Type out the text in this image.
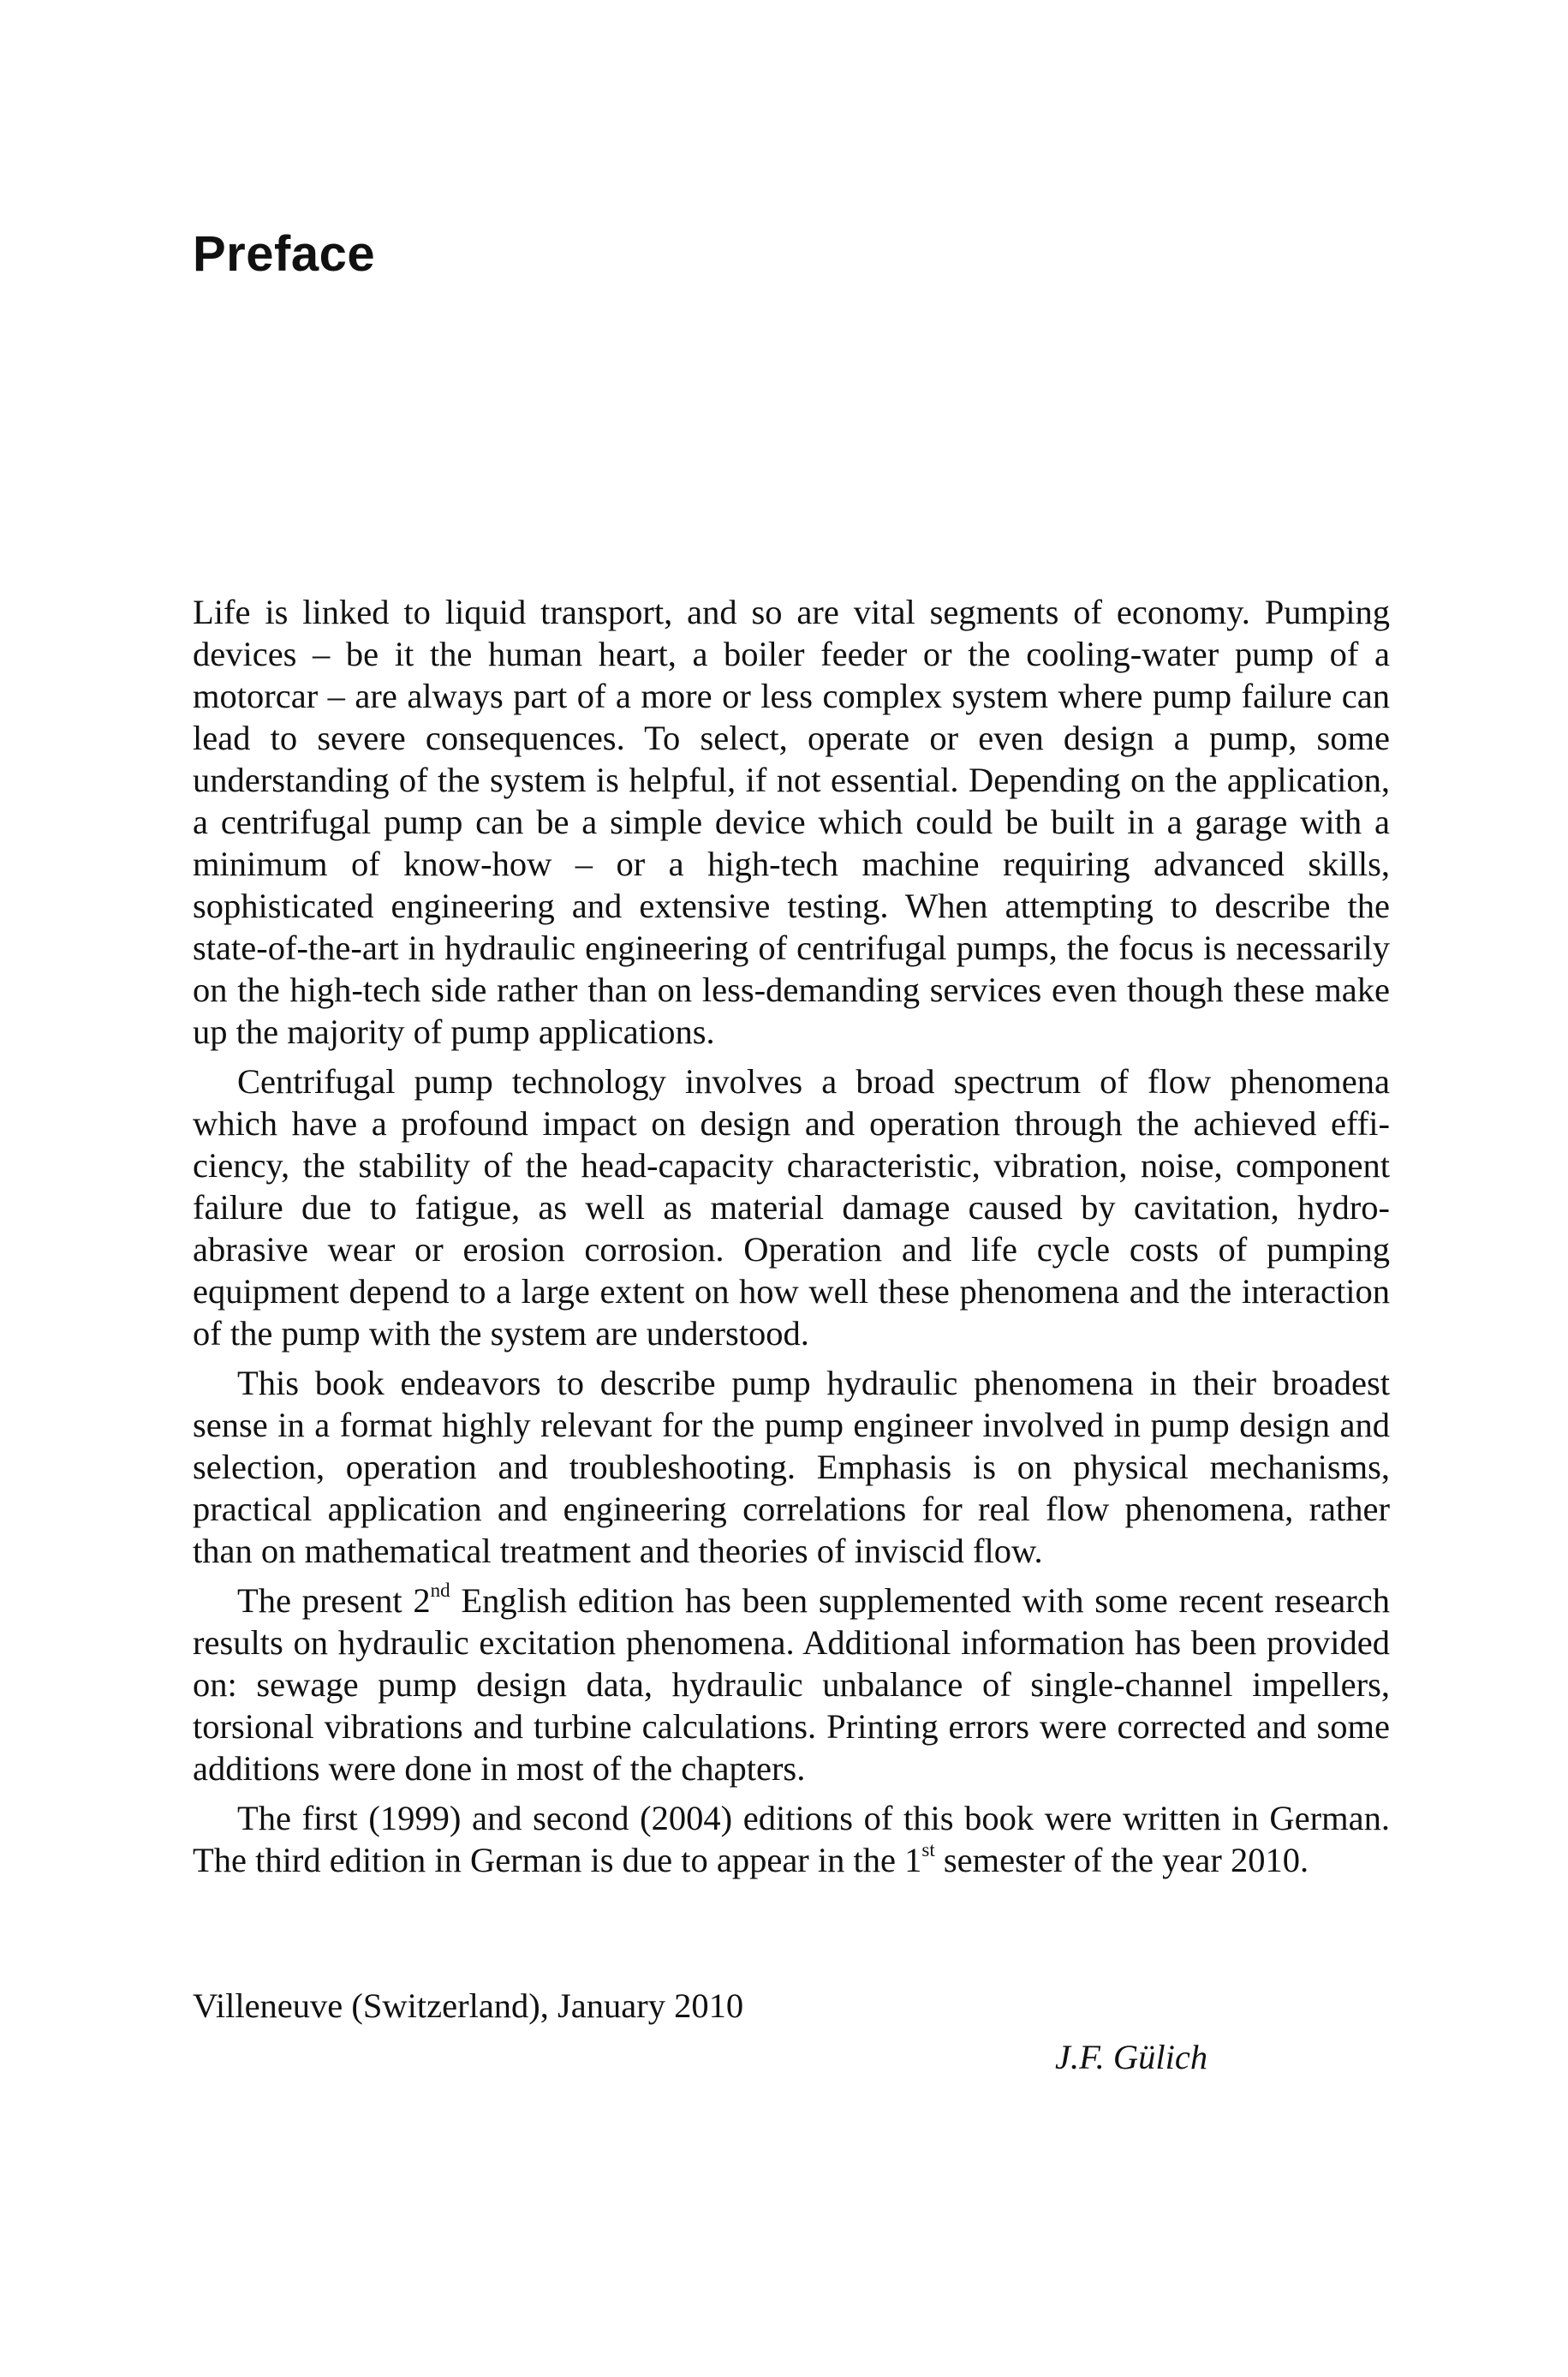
Preface

Life is linked to liquid transport, and so are vital segments of economy. Pumping devices – be it the human heart, a boiler feeder or the cooling-water pump of a motorcar – are always part of a more or less complex system where pump failure can lead to severe consequences. To select, operate or even design a pump, some understanding of the system is helpful, if not essential. Depending on the application, a centrifugal pump can be a simple device which could be built in a garage with a minimum of know-how – or a high-tech machine requiring advanced skills, sophisticated engineering and extensive testing. When attempting to describe the state-of-the-art in hydraulic engineering of centrifugal pumps, the focus is necessarily on the high-tech side rather than on less-demanding services even though these make up the majority of pump applications.

Centrifugal pump technology involves a broad spectrum of flow phenomena which have a profound impact on design and operation through the achieved efficiency, the stability of the head-capacity characteristic, vibration, noise, component failure due to fatigue, as well as material damage caused by cavitation, hydro-abrasive wear or erosion corrosion. Operation and life cycle costs of pumping equipment depend to a large extent on how well these phenomena and the interaction of the pump with the system are understood.

This book endeavors to describe pump hydraulic phenomena in their broadest sense in a format highly relevant for the pump engineer involved in pump design and selection, operation and troubleshooting. Emphasis is on physical mechanisms, practical application and engineering correlations for real flow phenomena, rather than on mathematical treatment and theories of inviscid flow.

The present 2nd English edition has been supplemented with some recent research results on hydraulic excitation phenomena. Additional information has been provided on: sewage pump design data, hydraulic unbalance of single-channel impellers, torsional vibrations and turbine calculations. Printing errors were corrected and some additions were done in most of the chapters.

The first (1999) and second (2004) editions of this book were written in German. The third edition in German is due to appear in the 1st semester of the year 2010.

Villeneuve (Switzerland), January 2010
J.F. Gülich
